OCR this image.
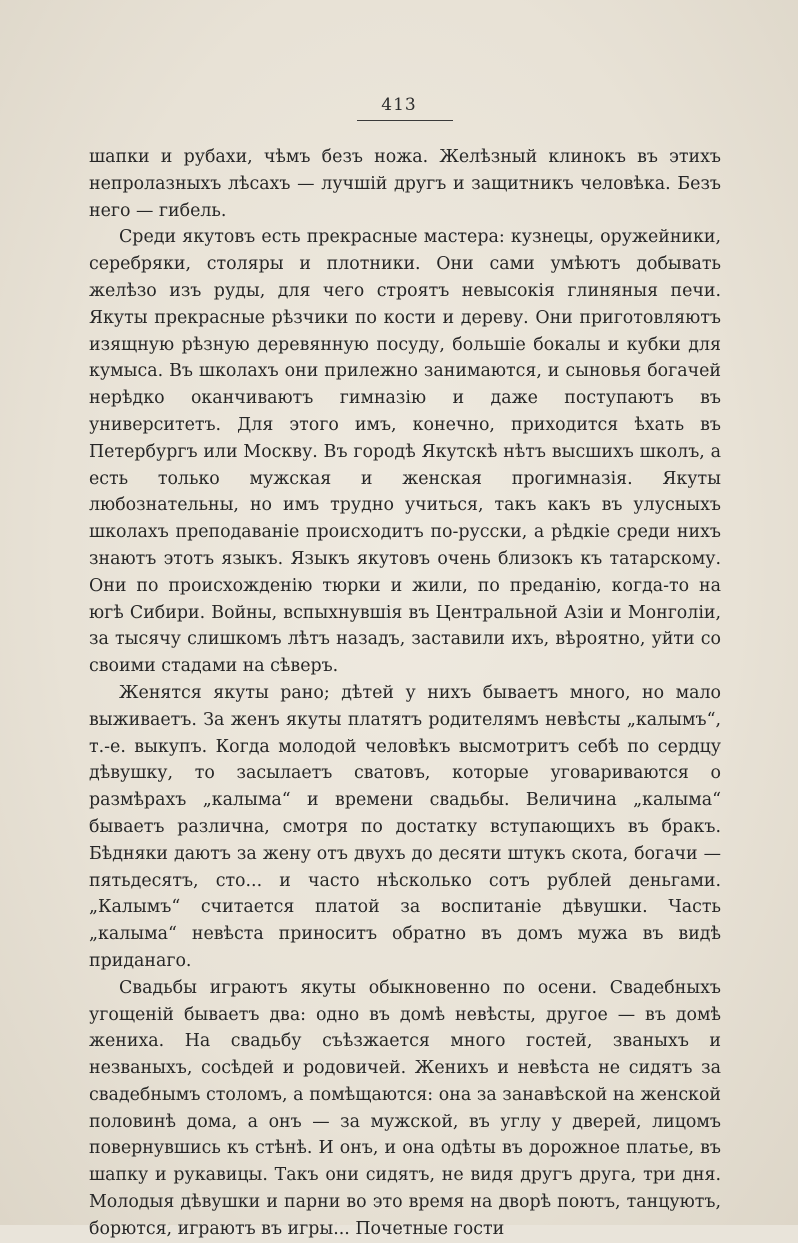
413

шапки и рубахи, чѣмъ безъ ножа. Желѣзный клинокъ въ этихъ непролазныхъ лѣсахъ — лучшій другъ и защитникъ человѣка. Безъ него — гибель.

Среди якутовъ есть прекрасные мастера: кузнецы, оружейники, серебряки, столяры и плотники. Они сами умѣютъ добывать желѣзо изъ руды, для чего строятъ невысокія глиняныя печи. Якуты прекрасные рѣзчики по кости и дереву. Они приготовляютъ изящную рѣзную деревянную посуду, большіе бокалы и кубки для кумыса. Въ школахъ они прилежно занимаются, и сыновья богачей нерѣдко оканчиваютъ гимназію и даже поступаютъ въ университетъ. Для этого имъ, конечно, приходится ѣхать въ Петербургъ или Москву. Въ городѣ Якутскѣ нѣтъ высшихъ школъ, а есть только мужская и женская прогимназія. Якуты любознательны, но имъ трудно учиться, такъ какъ въ улусныхъ школахъ преподаваніе происходитъ по-русски, а рѣдкіе среди нихъ знаютъ этотъ языкъ. Языкъ якутовъ очень близокъ къ татарскому. Они по происхожденію тюрки и жили, по преданію, когда-то на югѣ Сибири. Войны, вспыхнувшія въ Центральной Азіи и Монголіи, за тысячу слишкомъ лѣтъ назадъ, заставили ихъ, вѣроятно, уйти со своими стадами на сѣверъ.

Женятся якуты рано; дѣтей у нихъ бываетъ много, но мало выживаетъ. За женъ якуты платятъ родителямъ невѣсты „калымъ“, т.-е. выкупъ. Когда молодой человѣкъ высмотритъ себѣ по сердцу дѣвушку, то засылаетъ сватовъ, которые уговариваются о размѣрахъ „калыма“ и времени свадьбы. Величина „калыма“ бываетъ различна, смотря по достатку вступающихъ въ бракъ. Бѣдняки даютъ за жену отъ двухъ до десяти штукъ скота, богачи — пятьдесятъ, сто... и часто нѣсколько сотъ рублей деньгами. „Калымъ“ считается платой за воспитаніе дѣвушки. Часть „калыма“ невѣста приноситъ обратно въ домъ мужа въ видѣ приданаго.

Свадьбы играютъ якуты обыкновенно по осени. Свадебныхъ угощеній бываетъ два: одно въ домѣ невѣсты, другое — въ домѣ жениха. На свадьбу съѣзжается много гостей, званыхъ и незваныхъ, сосѣдей и родовичей. Женихъ и невѣста не сидятъ за свадебнымъ столомъ, а помѣщаются: она за занавѣской на женской половинѣ дома, а онъ — за мужской, въ углу у дверей, лицомъ повернувшись къ стѣнѣ. И онъ, и она одѣты въ дорожное платье, въ шапку и рукавицы. Такъ они сидятъ, не видя другъ друга, три дня. Молодыя дѣвушки и парни во это время на дворѣ поютъ, танцуютъ, борются, играютъ въ игры... Почетные гости
